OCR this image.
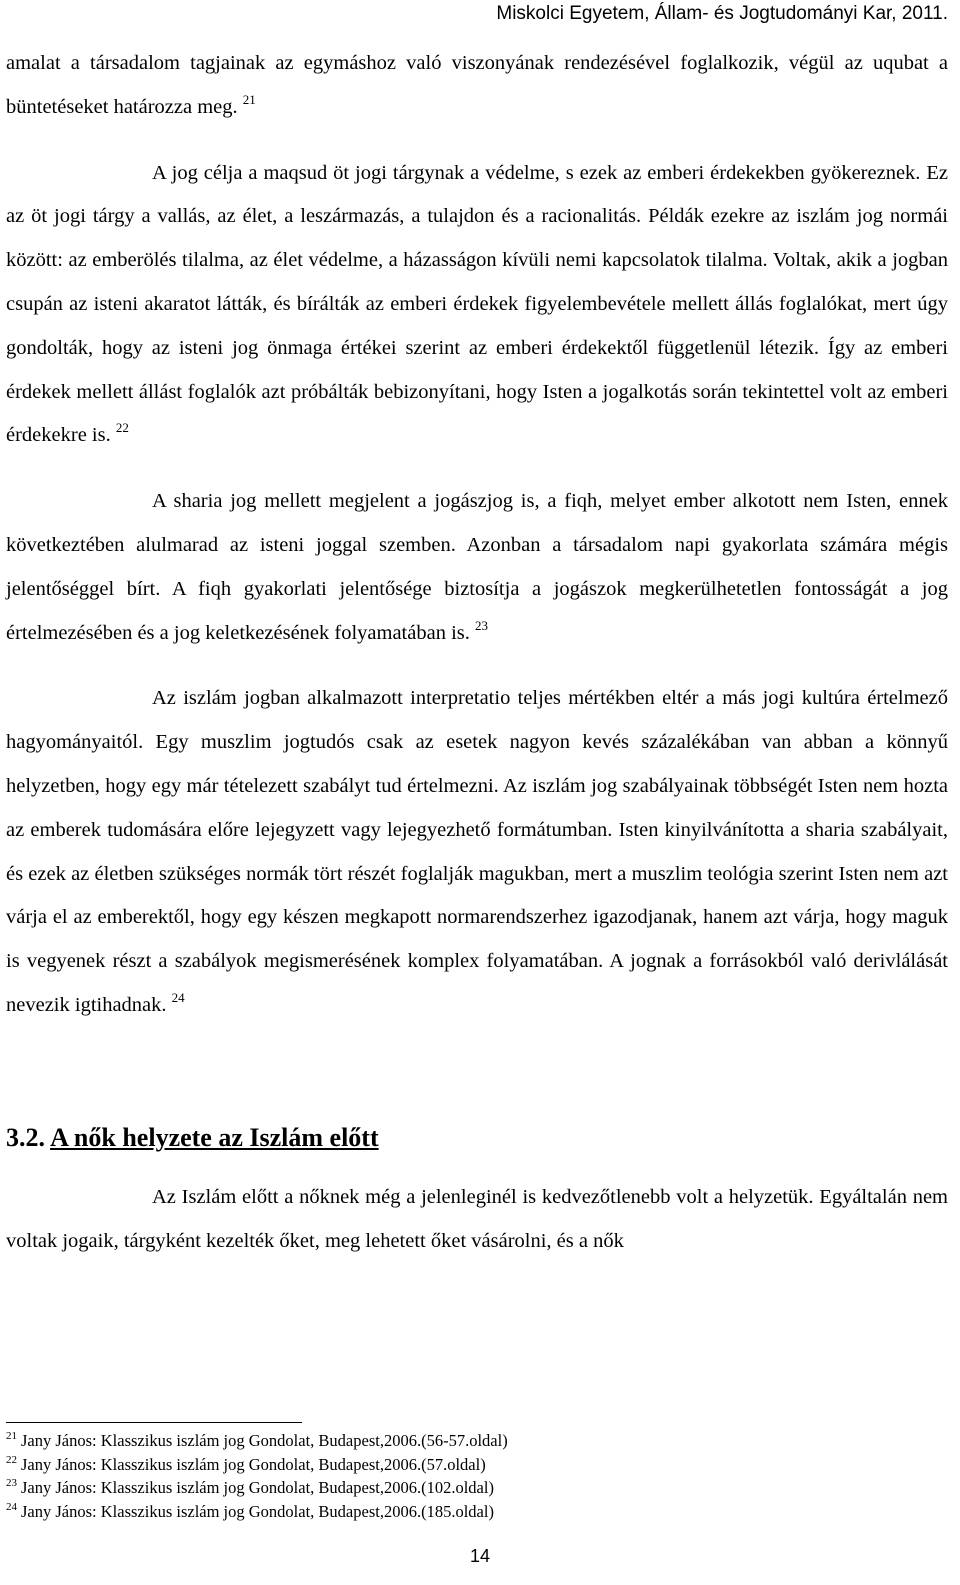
Miskolci Egyetem, Állam- és Jogtudományi Kar, 2011.

amalat a társadalom tagjainak az egymáshoz való viszonyának rendezésével foglalkozik, végül az uqubat a büntetéseket határozza meg. $^{21}$

A jog célja a maqsud öt jogi tárgynak a védelme, s ezek az emberi érdekekben gyökereznek. Ez az öt jogi tárgy a vallás, az élet, a leszármazás, a tulajdon és a racionalitás. Példák ezekre az iszlám jog normái között: az emberölés tilalma, az élet védelme, a házasságon kívüli nemi kapcsolatok tilalma. Voltak, akik a jogban csupán az isteni akaratot látták, és bírálták az emberi érdekek figyelembevétele mellett állás foglalókat, mert úgy gondolták, hogy az isteni jog önmaga értékei szerint az emberi érdekektől függetlenül létezik. Így az emberi érdekek mellett állást foglalók azt próbálták bebizonyítani, hogy Isten a jogalkotás során tekintettel volt az emberi érdekekre is. $^{22}$

A sharia jog mellett megjelent a jogászjog is, a fiqh, melyet ember alkotott nem Isten, ennek következtében alulmarad az isteni joggal szemben. Azonban a társadalom napi gyakorlata számára mégis jelentőséggel bírt. A fiqh gyakorlati jelentősége biztosítja a jogászok megkerülhetetlen fontosságát a jog értelmezésében és a jog keletkezésének folyamatában is. $^{23}$

Az iszlám jogban alkalmazott interpretatio teljes mértékben eltér a más jogi kultúra értelmező hagyományaitól. Egy muszlim jogtudós csak az esetek nagyon kevés százalékában van abban a könnyű helyzetben, hogy egy már tételezett szabályt tud értelmezni. Az iszlám jog szabályainak többségét Isten nem hozta az emberek tudomására előre lejegyzett vagy lejegyezhető formátumban. Isten kinyilvánította a sharia szabályait, és ezek az életben szükséges normák tört részét foglalják magukban, mert a muszlim teológia szerint Isten nem azt várja el az emberektől, hogy egy készen megkapott normarendszerhez igazodjanak, hanem azt várja, hogy maguk is vegyenek részt a szabályok megismerésének komplex folyamatában. A jognak a forrásokból való derivlálását nevezik igtihadnak. $^{24}$

3.2. A nők helyzete az Iszlám előtt

Az Iszlám előtt a nőknek még a jelenleginél is kedvezőtlenebb volt a helyzetük. Egyáltalán nem voltak jogaik, tárgyként kezelték őket, meg lehetett őket vásárolni, és a nők

$^{21}$ Jany János: Klasszikus iszlám jog Gondolat, Budapest,2006.(56-57.oldal)
$^{22}$ Jany János: Klasszikus iszlám jog Gondolat, Budapest,2006.(57.oldal)
$^{23}$ Jany János: Klasszikus iszlám jog Gondolat, Budapest,2006.(102.oldal)
$^{24}$ Jany János: Klasszikus iszlám jog Gondolat, Budapest,2006.(185.oldal)
14
